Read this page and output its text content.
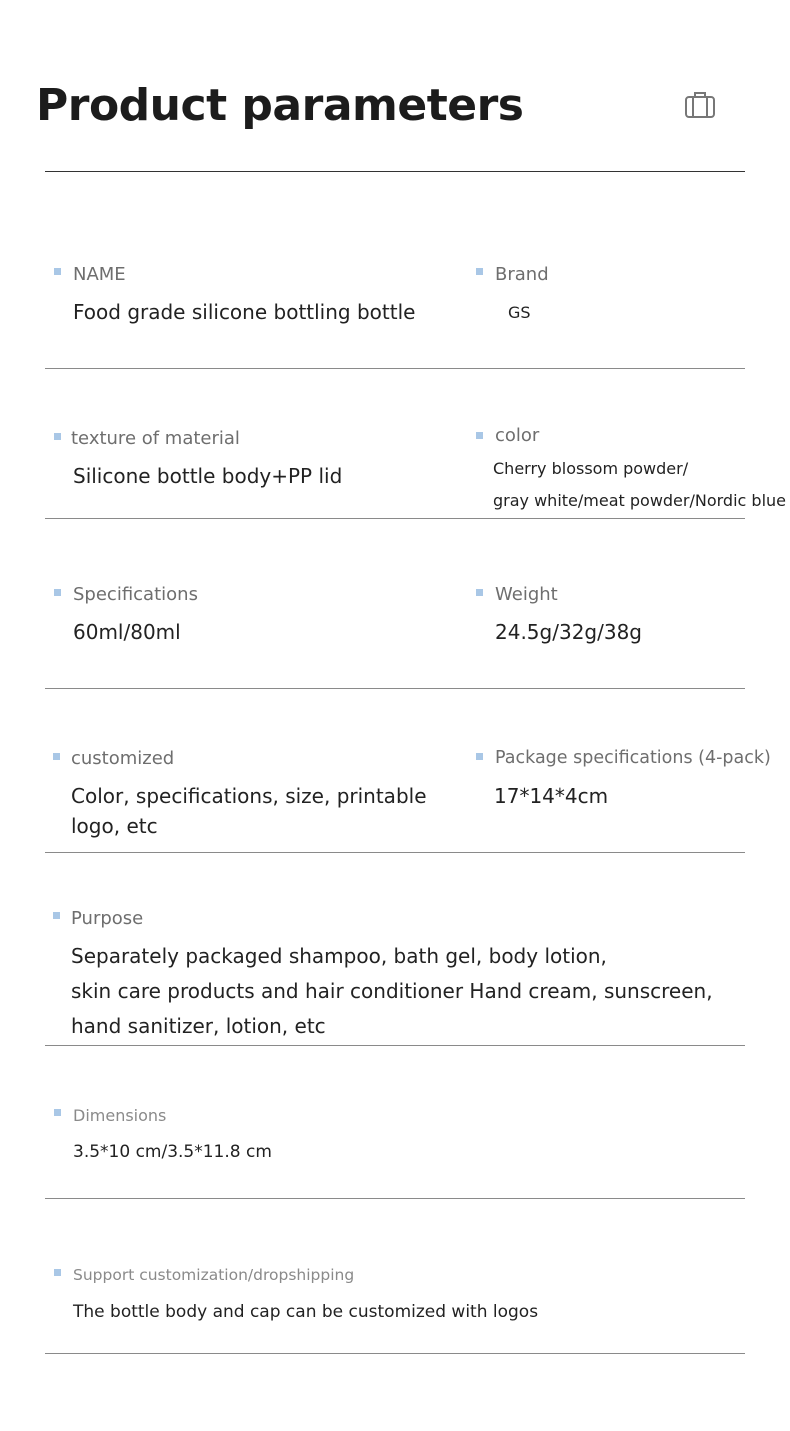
Product parameters
NAME
Food grade silicone bottling bottle
Brand
GS
texture of material
Silicone bottle body+PP lid
color
Cherry blossom powder/
gray white/meat powder/Nordic blue
Specifications
60ml/80ml
Weight
24.5g/32g/38g
customized
Color, specifications, size, printable
logo, etc
Package specifications (4-pack)
17*14*4cm
Purpose
Separately packaged shampoo, bath gel, body lotion,
skin care products and hair conditioner Hand cream, sunscreen,
hand sanitizer, lotion, etc
Dimensions
3.5*10 cm/3.5*11.8 cm
Support customization/dropshipping
The bottle body and cap can be customized with logos
